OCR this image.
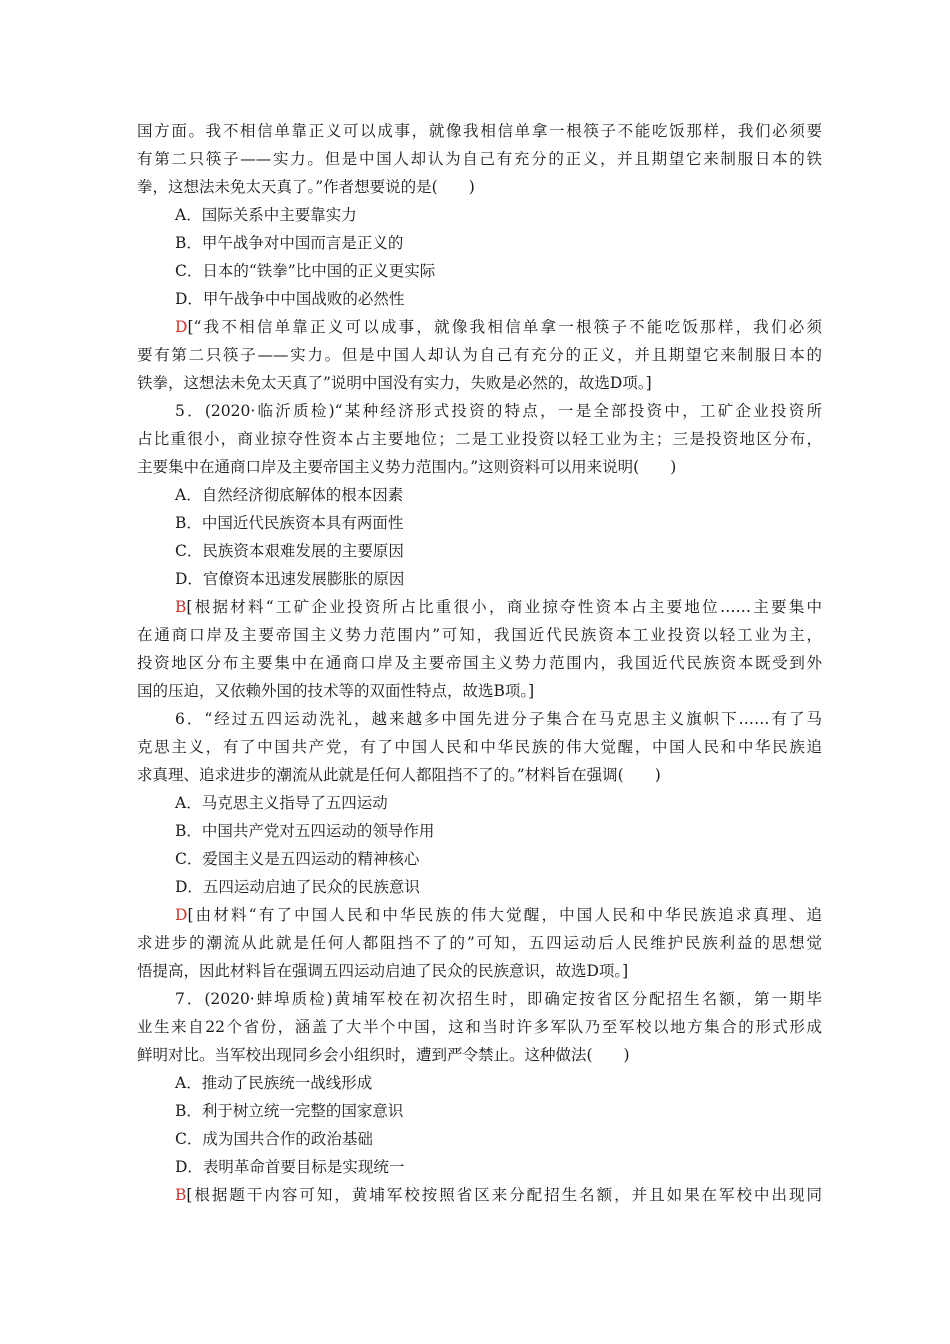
国方面。我不相信单靠正义可以成事，就像我相信单拿一根筷子不能吃饭那样，我们必须要
有第二只筷子——实力。但是中国人却认为自己有充分的正义，并且期望它来制服日本的铁
拳，这想法未免太天真了。”作者想要说的是(　　)
A．国际关系中主要靠实力
B．甲午战争对中国而言是正义的
C．日本的“铁拳”比中国的正义更实际
D．甲午战争中中国战败的必然性
D[“我不相信单靠正义可以成事，就像我相信单拿一根筷子不能吃饭那样，我们必须
要有第二只筷子——实力。但是中国人却认为自己有充分的正义，并且期望它来制服日本的
铁拳，这想法未免太天真了”说明中国没有实力，失败是必然的，故选D项。]
5．(2020·临沂质检)“某种经济形式投资的特点，一是全部投资中，工矿企业投资所
占比重很小，商业掠夺性资本占主要地位；二是工业投资以轻工业为主；三是投资地区分布，
主要集中在通商口岸及主要帝国主义势力范围内。”这则资料可以用来说明(　　)
A．自然经济彻底解体的根本因素
B．中国近代民族资本具有两面性
C．民族资本艰难发展的主要原因
D．官僚资本迅速发展膨胀的原因
B[根据材料“工矿企业投资所占比重很小，商业掠夺性资本占主要地位……主要集中
在通商口岸及主要帝国主义势力范围内”可知，我国近代民族资本工业投资以轻工业为主，
投资地区分布主要集中在通商口岸及主要帝国主义势力范围内，我国近代民族资本既受到外
国的压迫，又依赖外国的技术等的双面性特点，故选B项。]
6．“经过五四运动洗礼，越来越多中国先进分子集合在马克思主义旗帜下……有了马
克思主义，有了中国共产党，有了中国人民和中华民族的伟大觉醒，中国人民和中华民族追
求真理、追求进步的潮流从此就是任何人都阻挡不了的。”材料旨在强调(　　)
A．马克思主义指导了五四运动
B．中国共产党对五四运动的领导作用
C．爱国主义是五四运动的精神核心
D．五四运动启迪了民众的民族意识
D[由材料“有了中国人民和中华民族的伟大觉醒，中国人民和中华民族追求真理、追
求进步的潮流从此就是任何人都阻挡不了的”可知，五四运动后人民维护民族利益的思想觉
悟提高，因此材料旨在强调五四运动启迪了民众的民族意识，故选D项。]
7．(2020·蚌埠质检)黄埔军校在初次招生时，即确定按省区分配招生名额，第一期毕
业生来自22个省份，涵盖了大半个中国，这和当时许多军队乃至军校以地方集合的形式形成
鲜明对比。当军校出现同乡会小组织时，遭到严令禁止。这种做法(　　)
A．推动了民族统一战线形成
B．利于树立统一完整的国家意识
C．成为国共合作的政治基础
D．表明革命首要目标是实现统一
B[根据题干内容可知，黄埔军校按照省区来分配招生名额，并且如果在军校中出现同
